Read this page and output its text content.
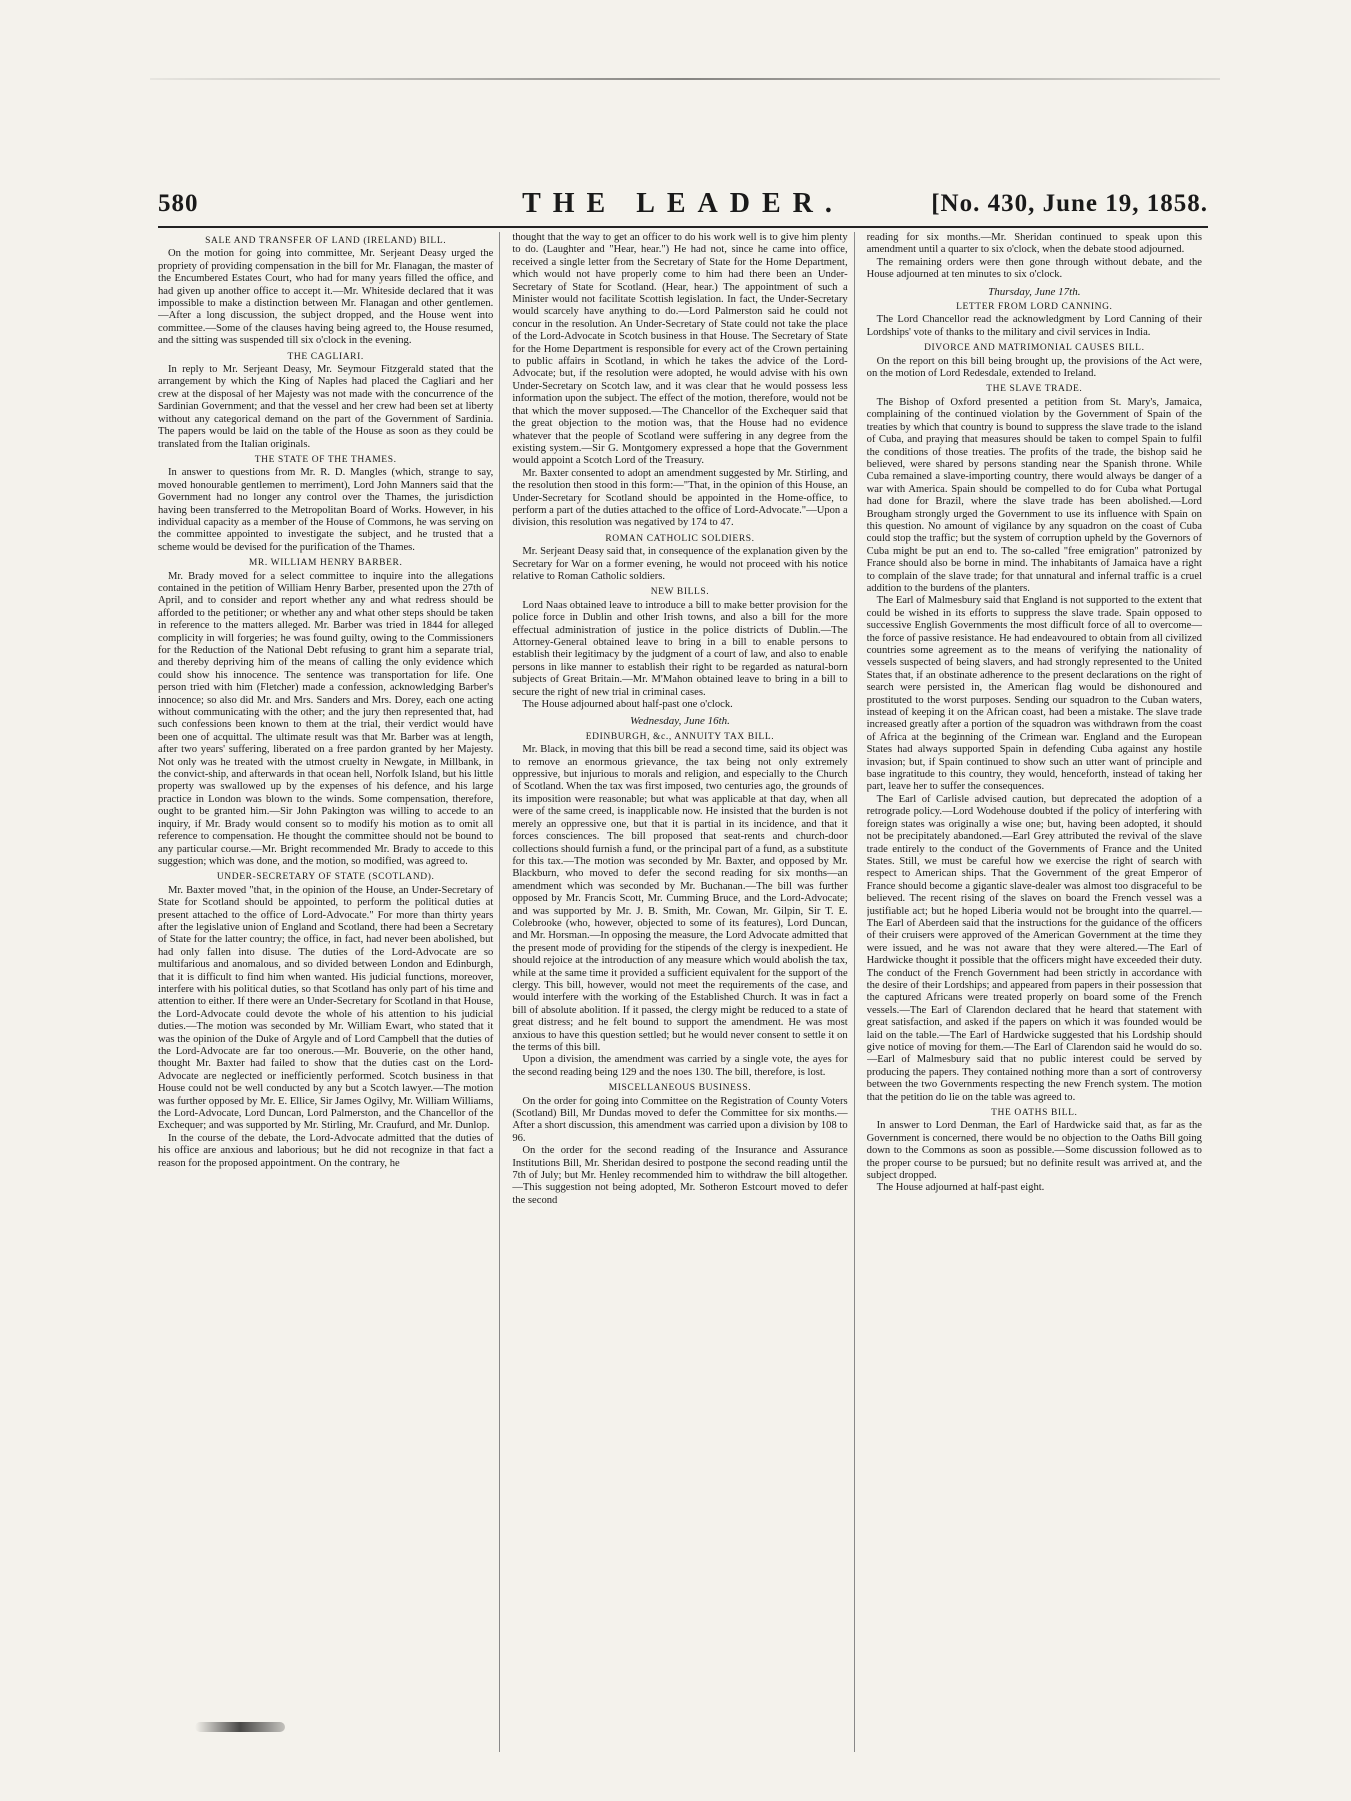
580	THE LEADER.	[No. 430, June 19, 1858.
SALE AND TRANSFER OF LAND (IRELAND) BILL.

On the motion for going into committee, Mr. Serjeant Deasy urged the propriety of providing compensation in the bill for Mr. Flanagan, the master of the Encumbered Estates Court, who had for many years filled the office, and had given up another office to accept it.—Mr. Whiteside declared that it was impossible to make a distinction between Mr. Flanagan and other gentlemen.—After a long discussion, the subject dropped, and the House went into committee.—Some of the clauses having being agreed to, the House resumed, and the sitting was suspended till six o'clock in the evening.

THE CAGLIARI.

In reply to Mr. Serjeant Deasy, Mr. Seymour Fitzgerald stated that the arrangement by which the King of Naples had placed the Cagliari and her crew at the disposal of her Majesty was not made with the concurrence of the Sardinian Government; and that the vessel and her crew had been set at liberty without any categorical demand on the part of the Government of Sardinia. The papers would be laid on the table of the House as soon as they could be translated from the Italian originals.

THE STATE OF THE THAMES.

In answer to questions from Mr. R. D. Mangles (which, strange to say, moved honourable gentlemen to merriment), Lord John Manners said that the Government had no longer any control over the Thames, the jurisdiction having been transferred to the Metropolitan Board of Works. However, in his individual capacity as a member of the House of Commons, he was serving on the committee appointed to investigate the subject, and he trusted that a scheme would be devised for the purification of the Thames.

MR. WILLIAM HENRY BARBER.

Mr. Brady moved for a select committee to inquire into the allegations contained in the petition of William Henry Barber, presented upon the 27th of April, and to consider and report whether any and what redress should be afforded to the petitioner; or whether any and what other steps should be taken in reference to the matters alleged. Mr. Barber was tried in 1844 for alleged complicity in will forgeries; he was found guilty, owing to the Commissioners for the Reduction of the National Debt refusing to grant him a separate trial, and thereby depriving him of the means of calling the only evidence which could show his innocence. The sentence was transportation for life. One person tried with him (Fletcher) made a confession, acknowledging Barber's innocence; so also did Mr. and Mrs. Sanders and Mrs. Dorey, each one acting without communicating with the other; and the jury then represented that, had such confessions been known to them at the trial, their verdict would have been one of acquittal. The ultimate result was that Mr. Barber was at length, after two years' suffering, liberated on a free pardon granted by her Majesty. Not only was he treated with the utmost cruelty in Newgate, in Millbank, in the convict-ship, and afterwards in that ocean hell, Norfolk Island, but his little property was swallowed up by the expenses of his defence, and his large practice in London was blown to the winds. Some compensation, therefore, ought to be granted him.—Sir John Pakington was willing to accede to an inquiry, if Mr. Brady would consent so to modify his motion as to omit all reference to compensation. He thought the committee should not be bound to any particular course.—Mr. Bright recommended Mr. Brady to accede to this suggestion; which was done, and the motion, so modified, was agreed to.

UNDER-SECRETARY OF STATE (SCOTLAND).

Mr. Baxter moved "that, in the opinion of the House, an Under-Secretary of State for Scotland should be appointed, to perform the political duties at present attached to the office of Lord-Advocate." For more than thirty years after the legislative union of England and Scotland, there had been a Secretary of State for the latter country; the office, in fact, had never been abolished, but had only fallen into disuse. The duties of the Lord-Advocate are so multifarious and anomalous, and so divided between London and Edinburgh, that it is difficult to find him when wanted. His judicial functions, moreover, interfere with his political duties, so that Scotland has only part of his time and attention to either. If there were an Under-Secretary for Scotland in that House, the Lord-Advocate could devote the whole of his attention to his judicial duties.—The motion was seconded by Mr. William Ewart, who stated that it was the opinion of the Duke of Argyle and of Lord Campbell that the duties of the Lord-Advocate are far too onerous.—Mr. Bouverie, on the other hand, thought Mr. Baxter had failed to show that the duties cast on the Lord-Advocate are neglected or inefficiently performed. Scotch business in that House could not be well conducted by any but a Scotch lawyer.—The motion was further opposed by Mr. E. Ellice, Sir James Ogilvy, Mr. William Williams, the Lord-Advocate, Lord Duncan, Lord Palmerston, and the Chancellor of the Exchequer; and was supported by Mr. Stirling, Mr. Craufurd, and Mr. Dunlop.

In the course of the debate, the Lord-Advocate admitted that the duties of his office are anxious and laborious; but he did not recognize in that fact a reason for the proposed appointment. On the contrary, he

thought that the way to get an officer to do his work well is to give him plenty to do. (Laughter and "Hear, hear.") He had not, since he came into office, received a single letter from the Secretary of State for the Home Department, which would not have properly come to him had there been an Under-Secretary of State for Scotland. (Hear, hear.) The appointment of such a Minister would not facilitate Scottish legislation. In fact, the Under-Secretary would scarcely have anything to do.—Lord Palmerston said he could not concur in the resolution. An Under-Secretary of State could not take the place of the Lord-Advocate in Scotch business in that House. The Secretary of State for the Home Department is responsible for every act of the Crown pertaining to public affairs in Scotland, in which he takes the advice of the Lord-Advocate; but, if the resolution were adopted, he would advise with his own Under-Secretary on Scotch law, and it was clear that he would possess less information upon the subject. The effect of the motion, therefore, would not be that which the mover supposed.—The Chancellor of the Exchequer said that the great objection to the motion was, that the House had no evidence whatever that the people of Scotland were suffering in any degree from the existing system.—Sir G. Montgomery expressed a hope that the Government would appoint a Scotch Lord of the Treasury.

Mr. Baxter consented to adopt an amendment suggested by Mr. Stirling, and the resolution then stood in this form:—"That, in the opinion of this House, an Under-Secretary for Scotland should be appointed in the Home-office, to perform a part of the duties attached to the office of Lord-Advocate."—Upon a division, this resolution was negatived by 174 to 47.

ROMAN CATHOLIC SOLDIERS.

Mr. Serjeant Deasy said that, in consequence of the explanation given by the Secretary for War on a former evening, he would not proceed with his notice relative to Roman Catholic soldiers.

NEW BILLS.

Lord Naas obtained leave to introduce a bill to make better provision for the police force in Dublin and other Irish towns, and also a bill for the more effectual administration of justice in the police districts of Dublin.—The Attorney-General obtained leave to bring in a bill to enable persons to establish their legitimacy by the judgment of a court of law, and also to enable persons in like manner to establish their right to be regarded as natural-born subjects of Great Britain.—Mr. M'Mahon obtained leave to bring in a bill to secure the right of new trial in criminal cases.

The House adjourned about half-past one o'clock.

Wednesday, June 16th.
EDINBURGH, &c., ANNUITY TAX BILL.

Mr. Black, in moving that this bill be read a second time, said its object was to remove an enormous grievance, the tax being not only extremely oppressive, but injurious to morals and religion, and especially to the Church of Scotland. When the tax was first imposed, two centuries ago, the grounds of its imposition were reasonable; but what was applicable at that day, when all were of the same creed, is inapplicable now. He insisted that the burden is not merely an oppressive one, but that it is partial in its incidence, and that it forces consciences. The bill proposed that seat-rents and church-door collections should furnish a fund, or the principal part of a fund, as a substitute for this tax.—The motion was seconded by Mr. Baxter, and opposed by Mr. Blackburn, who moved to defer the second reading for six months—an amendment which was seconded by Mr. Buchanan.—The bill was further opposed by Mr. Francis Scott, Mr. Cumming Bruce, and the Lord-Advocate; and was supported by Mr. J. B. Smith, Mr. Cowan, Mr. Gilpin, Sir T. E. Colebrooke (who, however, objected to some of its features), Lord Duncan, and Mr. Horsman.—In opposing the measure, the Lord Advocate admitted that the present mode of providing for the stipends of the clergy is inexpedient. He should rejoice at the introduction of any measure which would abolish the tax, while at the same time it provided a sufficient equivalent for the support of the clergy. This bill, however, would not meet the requirements of the case, and would interfere with the working of the Established Church. It was in fact a bill of absolute abolition. If it passed, the clergy might be reduced to a state of great distress; and he felt bound to support the amendment. He was most anxious to have this question settled; but he would never consent to settle it on the terms of this bill.

Upon a division, the amendment was carried by a single vote, the ayes for the second reading being 129 and the noes 130. The bill, therefore, is lost.

MISCELLANEOUS BUSINESS.

On the order for going into Committee on the Registration of County Voters (Scotland) Bill, Mr Dundas moved to defer the Committee for six months.—After a short discussion, this amendment was carried upon a division by 108 to 96.

On the order for the second reading of the Insurance and Assurance Institutions Bill, Mr. Sheridan desired to postpone the second reading until the 7th of July; but Mr. Henley recommended him to withdraw the bill altogether.—This suggestion not being adopted, Mr. Sotheron Estcourt moved to defer the second

reading for six months.—Mr. Sheridan continued to speak upon this amendment until a quarter to six o'clock, when the debate stood adjourned.

The remaining orders were then gone through without debate, and the House adjourned at ten minutes to six o'clock.

Thursday, June 17th.
LETTER FROM LORD CANNING.

The Lord Chancellor read the acknowledgment by Lord Canning of their Lordships' vote of thanks to the military and civil services in India.

DIVORCE AND MATRIMONIAL CAUSES BILL.

On the report on this bill being brought up, the provisions of the Act were, on the motion of Lord Redesdale, extended to Ireland.

THE SLAVE TRADE.

The Bishop of Oxford presented a petition from St. Mary's, Jamaica, complaining of the continued violation by the Government of Spain of the treaties by which that country is bound to suppress the slave trade to the island of Cuba, and praying that measures should be taken to compel Spain to fulfil the conditions of those treaties. The profits of the trade, the bishop said he believed, were shared by persons standing near the Spanish throne. While Cuba remained a slave-importing country, there would always be danger of a war with America. Spain should be compelled to do for Cuba what Portugal had done for Brazil, where the slave trade has been abolished.—Lord Brougham strongly urged the Government to use its influence with Spain on this question. No amount of vigilance by any squadron on the coast of Cuba could stop the traffic; but the system of corruption upheld by the Governors of Cuba might be put an end to. The so-called "free emigration" patronized by France should also be borne in mind. The inhabitants of Jamaica have a right to complain of the slave trade; for that unnatural and infernal traffic is a cruel addition to the burdens of the planters.

The Earl of Malmesbury said that England is not supported to the extent that could be wished in its efforts to suppress the slave trade. Spain opposed to successive English Governments the most difficult force of all to overcome—the force of passive resistance. He had endeavoured to obtain from all civilized countries some agreement as to the means of verifying the nationality of vessels suspected of being slavers, and had strongly represented to the United States that, if an obstinate adherence to the present declarations on the right of search were persisted in, the American flag would be dishonoured and prostituted to the worst purposes. Sending our squadron to the Cuban waters, instead of keeping it on the African coast, had been a mistake. The slave trade increased greatly after a portion of the squadron was withdrawn from the coast of Africa at the beginning of the Crimean war. England and the European States had always supported Spain in defending Cuba against any hostile invasion; but, if Spain continued to show such an utter want of principle and base ingratitude to this country, they would, henceforth, instead of taking her part, leave her to suffer the consequences.

The Earl of Carlisle advised caution, but deprecated the adoption of a retrograde policy.—Lord Wodehouse doubted if the policy of interfering with foreign states was originally a wise one; but, having been adopted, it should not be precipitately abandoned.—Earl Grey attributed the revival of the slave trade entirely to the conduct of the Governments of France and the United States. Still, we must be careful how we exercise the right of search with respect to American ships. That the Government of the great Emperor of France should become a gigantic slave-dealer was almost too disgraceful to be believed. The recent rising of the slaves on board the French vessel was a justifiable act; but he hoped Liberia would not be brought into the quarrel.—The Earl of Aberdeen said that the instructions for the guidance of the officers of their cruisers were approved of the American Government at the time they were issued, and he was not aware that they were altered.—The Earl of Hardwicke thought it possible that the officers might have exceeded their duty. The conduct of the French Government had been strictly in accordance with the desire of their Lordships; and appeared from papers in their possession that the captured Africans were treated properly on board some of the French vessels.—The Earl of Clarendon declared that he heard that statement with great satisfaction, and asked if the papers on which it was founded would be laid on the table.—The Earl of Hardwicke suggested that his Lordship should give notice of moving for them.—The Earl of Clarendon said he would do so.—Earl of Malmesbury said that no public interest could be served by producing the papers. They contained nothing more than a sort of controversy between the two Governments respecting the new French system. The motion that the petition do lie on the table was agreed to.

THE OATHS BILL.

In answer to Lord Denman, the Earl of Hardwicke said that, as far as the Government is concerned, there would be no objection to the Oaths Bill going down to the Commons as soon as possible.—Some discussion followed as to the proper course to be pursued; but no definite result was arrived at, and the subject dropped.

The House adjourned at half-past eight.
